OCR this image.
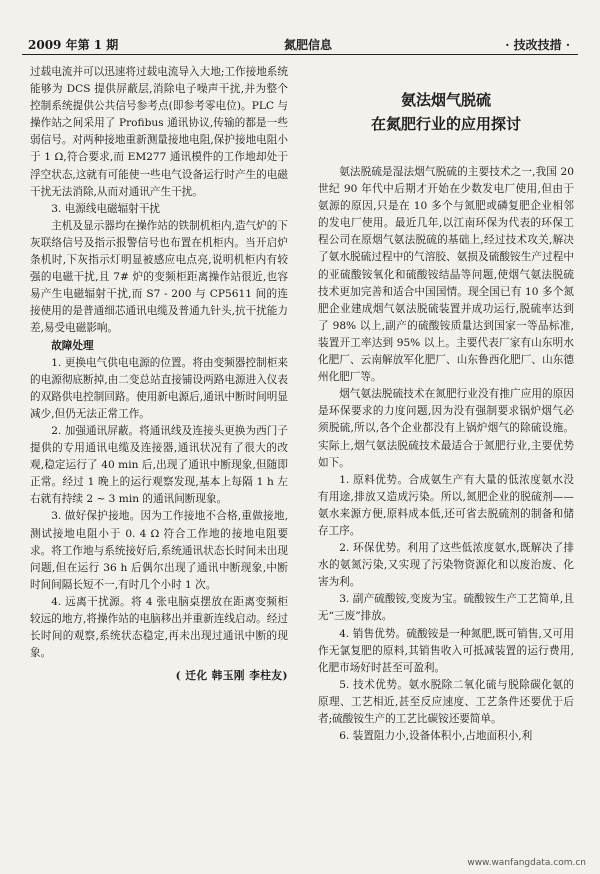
2009 年第 1 期	氮肥信息	· 技改技措 ·

过载电流并可以迅速将过载电流导入大地;工作接地系统能够为 DCS 提供屏蔽层,消除电子噪声干扰,并为整个控制系统提供公共信号参考点(即参考零电位)。PLC 与操作站之间采用了 Profibus 通讯协议,传输的都是一些弱信号。对两种接地重新测量接地电阻,保护接地电阻小于 1 Ω,符合要求,而 EM277 通讯模件的工作地却处于浮空状态,这就有可能使一些电气设备运行时产生的电磁干扰无法消除,从而对通讯产生干扰。

3. 电源线电磁辐射干扰

主机及显示器均在操作站的铁制机柜内,造气炉的下灰联络信号及指示报警信号也布置在机柜内。当开启炉条机时,下灰指示灯明显被感应电点亮,说明机柜内有较强的电磁干扰,且 7# 炉的变频柜距离操作站很近,也容易产生电磁辐射干扰,而 S7 - 200 与 CP5611 间的连接使用的是普通细芯通讯电缆及普通九针头,抗干扰能力差,易受电磁影响。

故障处理

1. 更换电气供电电源的位置。将由变频器控制柜来的电源彻底断掉,由二变总站直接铺设两路电源进入仪表的双路供电控制回路。使用新电源后,通讯中断时间明显减少,但仍无法正常工作。

2. 加强通讯屏蔽。将通讯线及连接头更换为西门子提供的专用通讯电缆及连接器,通讯状况有了很大的改观,稳定运行了 40 min 后,出现了通讯中断现象,但随即正常。经过 1 晚上的运行观察发现,基本上每隔 1 h 左右就有持续 2 ~ 3 min 的通讯间断现象。

3. 做好保护接地。因为工作接地不合格,重做接地,测试接地电阻小于 0. 4 Ω 符合工作地的接地电阻要求。将工作地与系统接好后,系统通讯状态长时间未出现问题,但在运行 36 h 后偶尔出现了通讯中断现象,中断时间间隔长短不一,有时几个小时 1 次。

4. 远离干扰源。将 4 张电脑桌摆放在距离变频柜较远的地方,将操作站的电脑移出并重新连线启动。经过长时间的观察,系统状态稳定,再未出现过通讯中断的现象。

( 迁化 韩玉刚 李柱友)
氨法烟气脱硫
在氮肥行业的应用探讨

氨法脱硫是湿法烟气脱硫的主要技术之一,我国 20 世纪 90 年代中后期才开始在少数发电厂使用,但由于氨源的原因,只是在 10 多个与氮肥或磷复肥企业相邻的发电厂使用。最近几年,以江南环保为代表的环保工程公司在原烟气氨法脱硫的基础上,经过技术攻关,解决了氨水脱硫过程中的气溶胶、氨损及硫酸铵生产过程中的亚硫酸铵氧化和硫酸铵结晶等问题,使烟气氨法脱硫技术更加完善和适合中国国情。现全国已有 10 多个氮肥企业建成烟气氨法脱硫装置并成功运行,脱硫率达到了 98% 以上,副产的硫酸铵质量达到国家一等品标准,装置开工率达到 95% 以上。主要代表厂家有山东明水化肥厂、云南解放军化肥厂、山东鲁西化肥厂、山东德州化肥厂等。

烟气氨法脱硫技术在氮肥行业没有推广应用的原因是环保要求的力度问题,因为没有强制要求锅炉烟气必须脱硫,所以,各个企业都没有上锅炉烟气的除硫设施。实际上,烟气氨法脱硫技术最适合于氮肥行业,主要优势如下。

1. 原料优势。合成氨生产有大量的低浓度氨水没有用途,排放又造成污染。所以,氮肥企业的脱硫剂——氨水来源方便,原料成本低,还可省去脱硫剂的制备和储存工序。

2. 环保优势。利用了这些低浓度氨水,既解决了排水的氨氮污染,又实现了污染物资源化和以废治废、化害为利。

3. 副产硫酸铵,变废为宝。硫酸铵生产工艺简单,且无“三废”排放。

4. 销售优势。硫酸铵是一种氮肥,既可销售,又可用作无氯复肥的原料,其销售收入可抵减装置的运行费用,化肥市场好时甚至可盈利。

5. 技术优势。氨水脱除二氧化硫与脱除碳化氨的原理、工艺相近,甚至反应速度、工艺条件还要优于后者;硫酸铵生产的工艺比碳铵还要简单。

6. 装置阻力小,设备体积小,占地面积小,利

www.wanfangdata.com.cn
